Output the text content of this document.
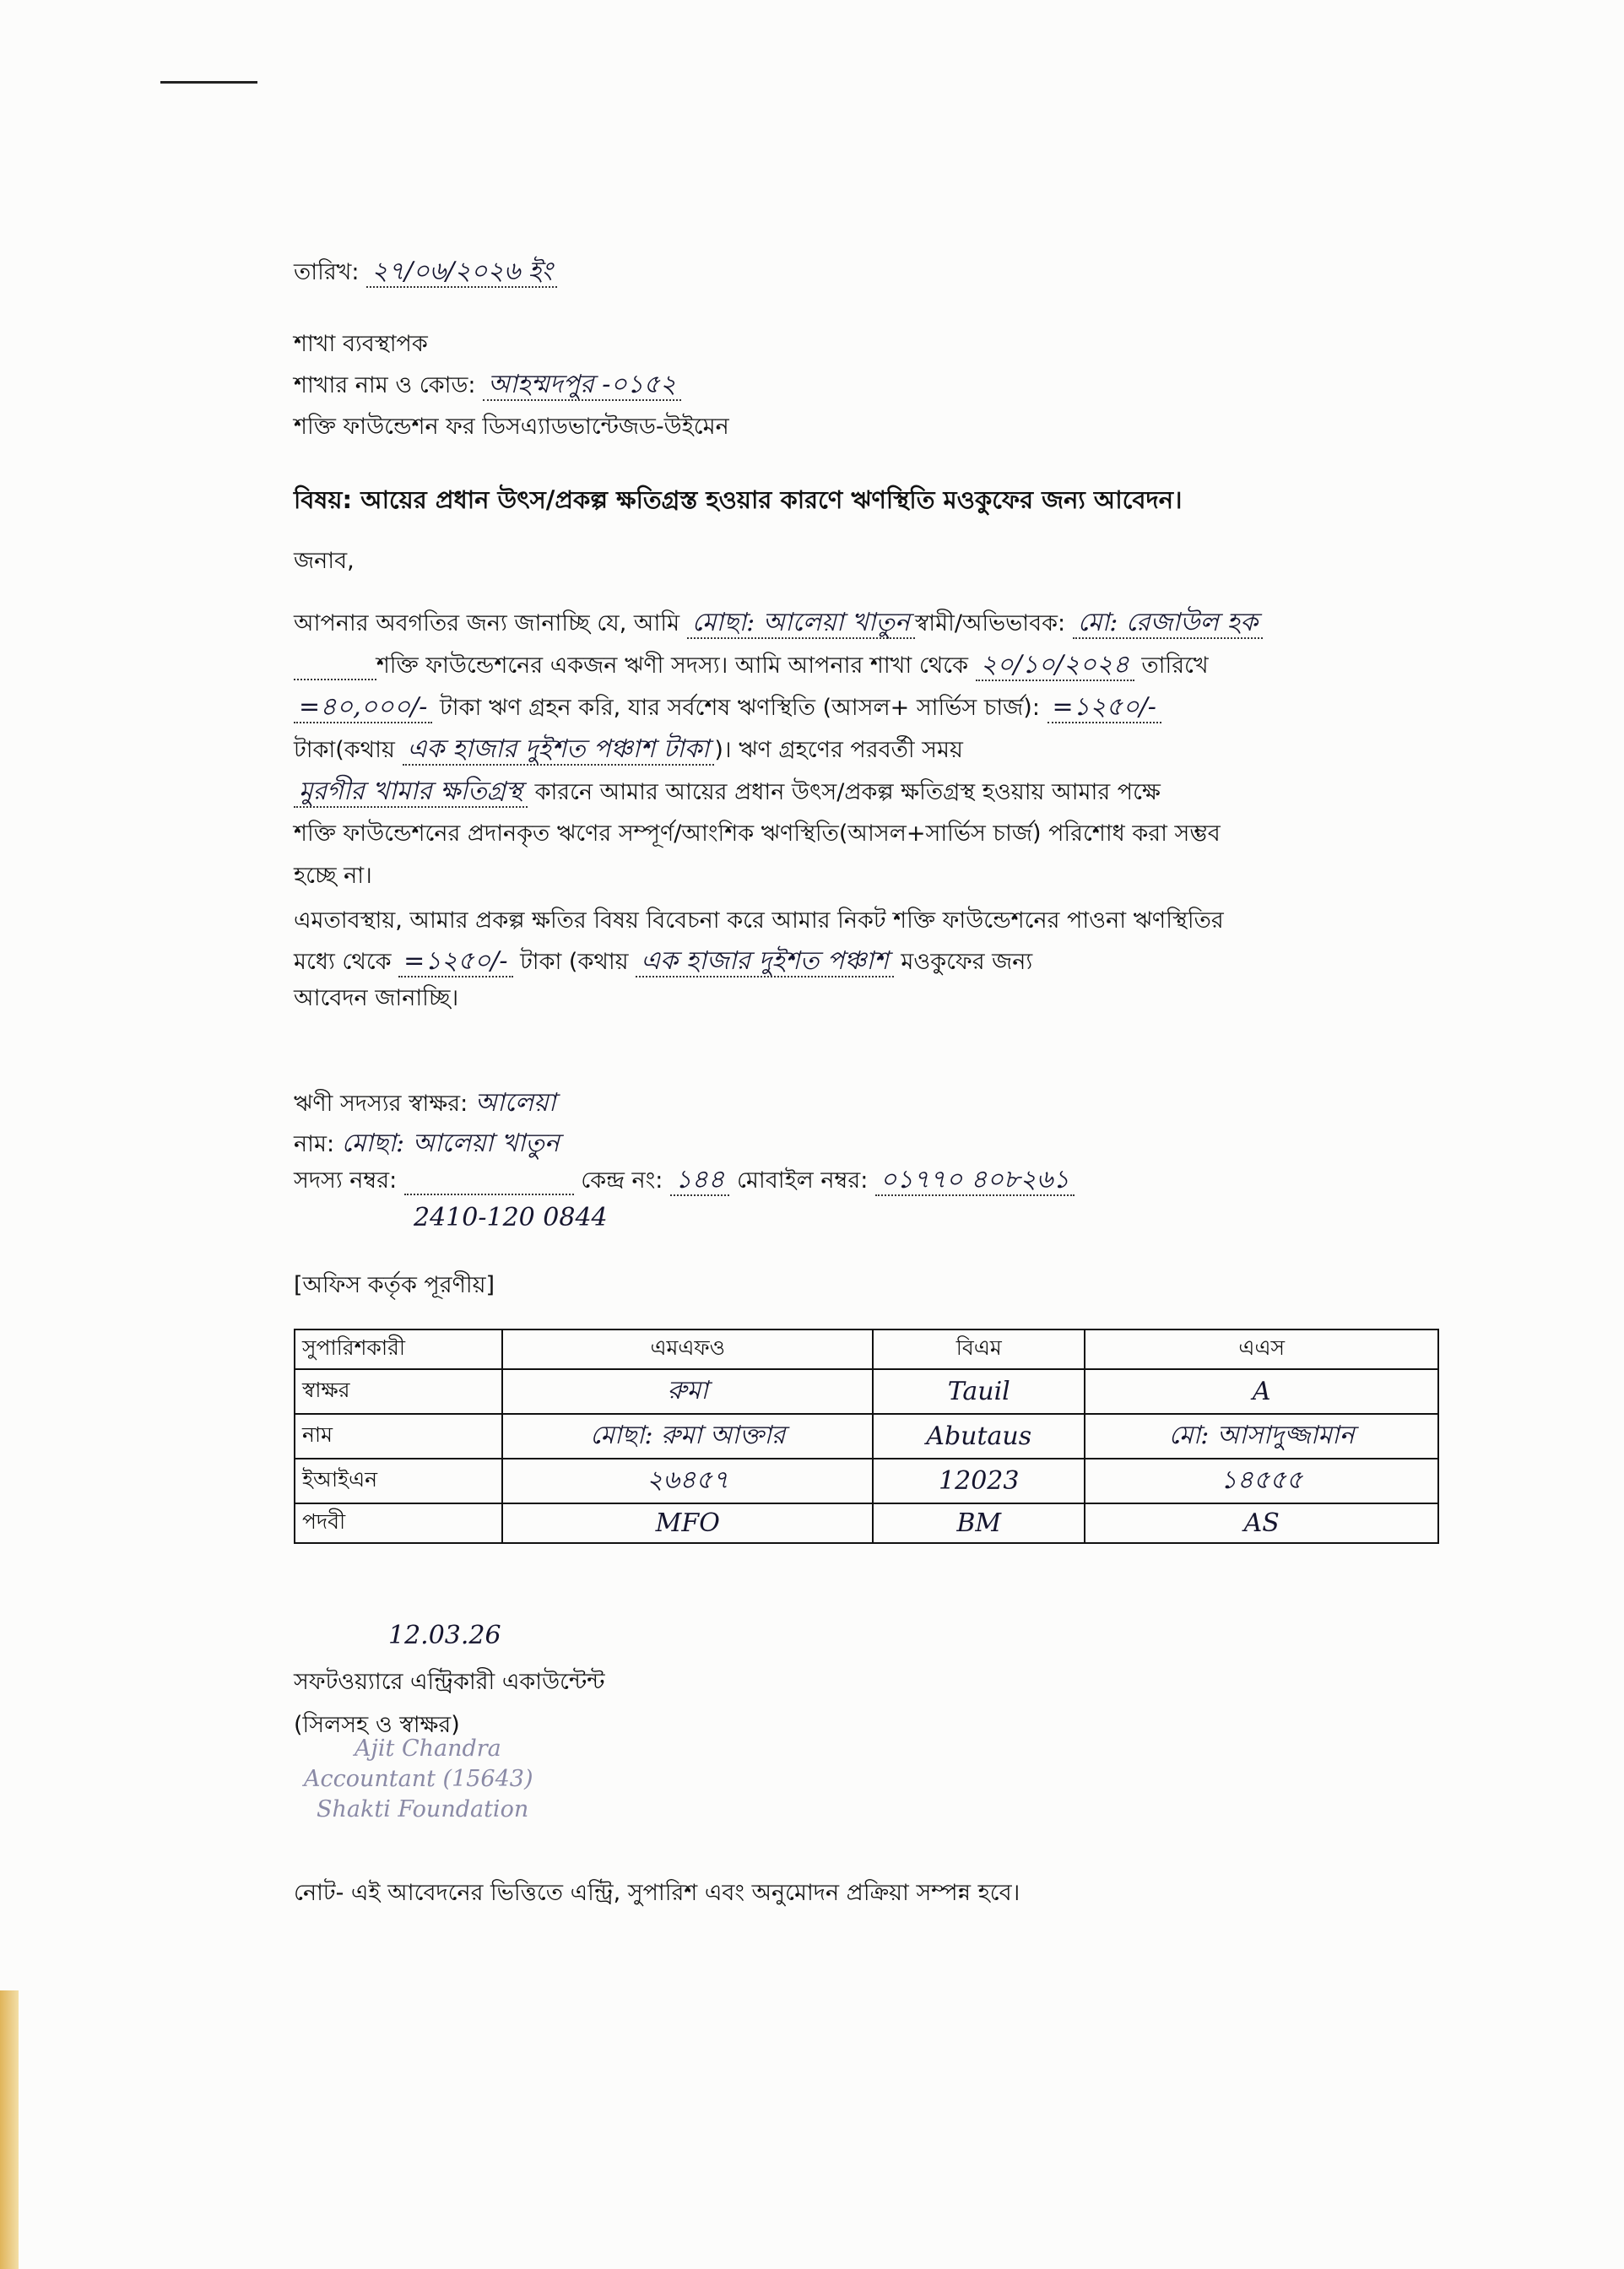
তারিখ: ২৭/০৬/২০২৬ ইং
শাখা ব্যবস্থাপক
শাখার নাম ও কোড: আহম্মদপুর -০১৫২
শক্তি ফাউন্ডেশন ফর ডিসএ্যাডভান্টেজড-উইমেন
বিষয়: আয়ের প্রধান উৎস/প্রকল্প ক্ষতিগ্রস্ত হওয়ার কারণে ঋণস্থিতি মওকুফের জন্য আবেদন।
জনাব,
আপনার অবগতির জন্য জানাচ্ছি যে, আমি মোছা: আলেয়া খাতুন স্বামী/অভিভাবক: মো: রেজাউল হক
শক্তি ফাউন্ডেশনের একজন ঋণী সদস্য। আমি আপনার শাখা থেকে ২০/১০/২০২৪ তারিখে
=৪০,০০০/- টাকা ঋণ গ্রহন করি, যার সর্বশেষ ঋণস্থিতি (আসল+ সার্ভিস চার্জ): =১২৫০/-
টাকা(কথায় এক হাজার দুইশত পঞ্চাশ টাকা )। ঋণ গ্রহণের পরবর্তী সময়
মুরগীর খামার ক্ষতিগ্রস্থ কারনে আমার আয়ের প্রধান উৎস/প্রকল্প ক্ষতিগ্রস্থ হওয়ায় আমার পক্ষে
শক্তি ফাউন্ডেশনের প্রদানকৃত ঋণের সম্পূর্ণ/আংশিক ঋণস্থিতি(আসল+সার্ভিস চার্জ) পরিশোধ করা সম্ভব
হচ্ছে না।
এমতাবস্থায়, আমার প্রকল্প ক্ষতির বিষয় বিবেচনা করে আমার নিকট শক্তি ফাউন্ডেশনের পাওনা ঋণস্থিতির
মধ্যে থেকে =১২৫০/- টাকা (কথায় এক হাজার দুইশত পঞ্চাশ মওকুফের জন্য
আবেদন জানাচ্ছি।
ঋণী সদস্যর স্বাক্ষর: আলেয়া
নাম: মোছা: আলেয়া খাতুন
সদস্য নম্বর:	কেন্দ্র নং: ১৪৪ মোবাইল নম্বর: ০১৭৭০ ৪০৮২৬১
2410-120 0844
[অফিস কর্তৃক পূরণীয়]
সুপারিশকারী	এমএফও	বিএম	এএস
স্বাক্ষর	রুমা	Tauil	A
নাম	মোছা: রুমা আক্তার	Abutaus	মো: আসাদুজ্জামান
ইআইএন	২৬৪৫৭	12023	১৪৫৫৫
পদবী	MFO	BM	AS
12.03.26
সফটওয়্যারে এন্ট্রিকারী একাউন্টেন্ট
(সিলসহ ও স্বাক্ষর)
Ajit Chandra
Accountant (15643)
Shakti Foundation
নোট- এই আবেদনের ভিত্তিতে এন্ট্রি, সুপারিশ এবং অনুমোদন প্রক্রিয়া সম্পন্ন হবে।
